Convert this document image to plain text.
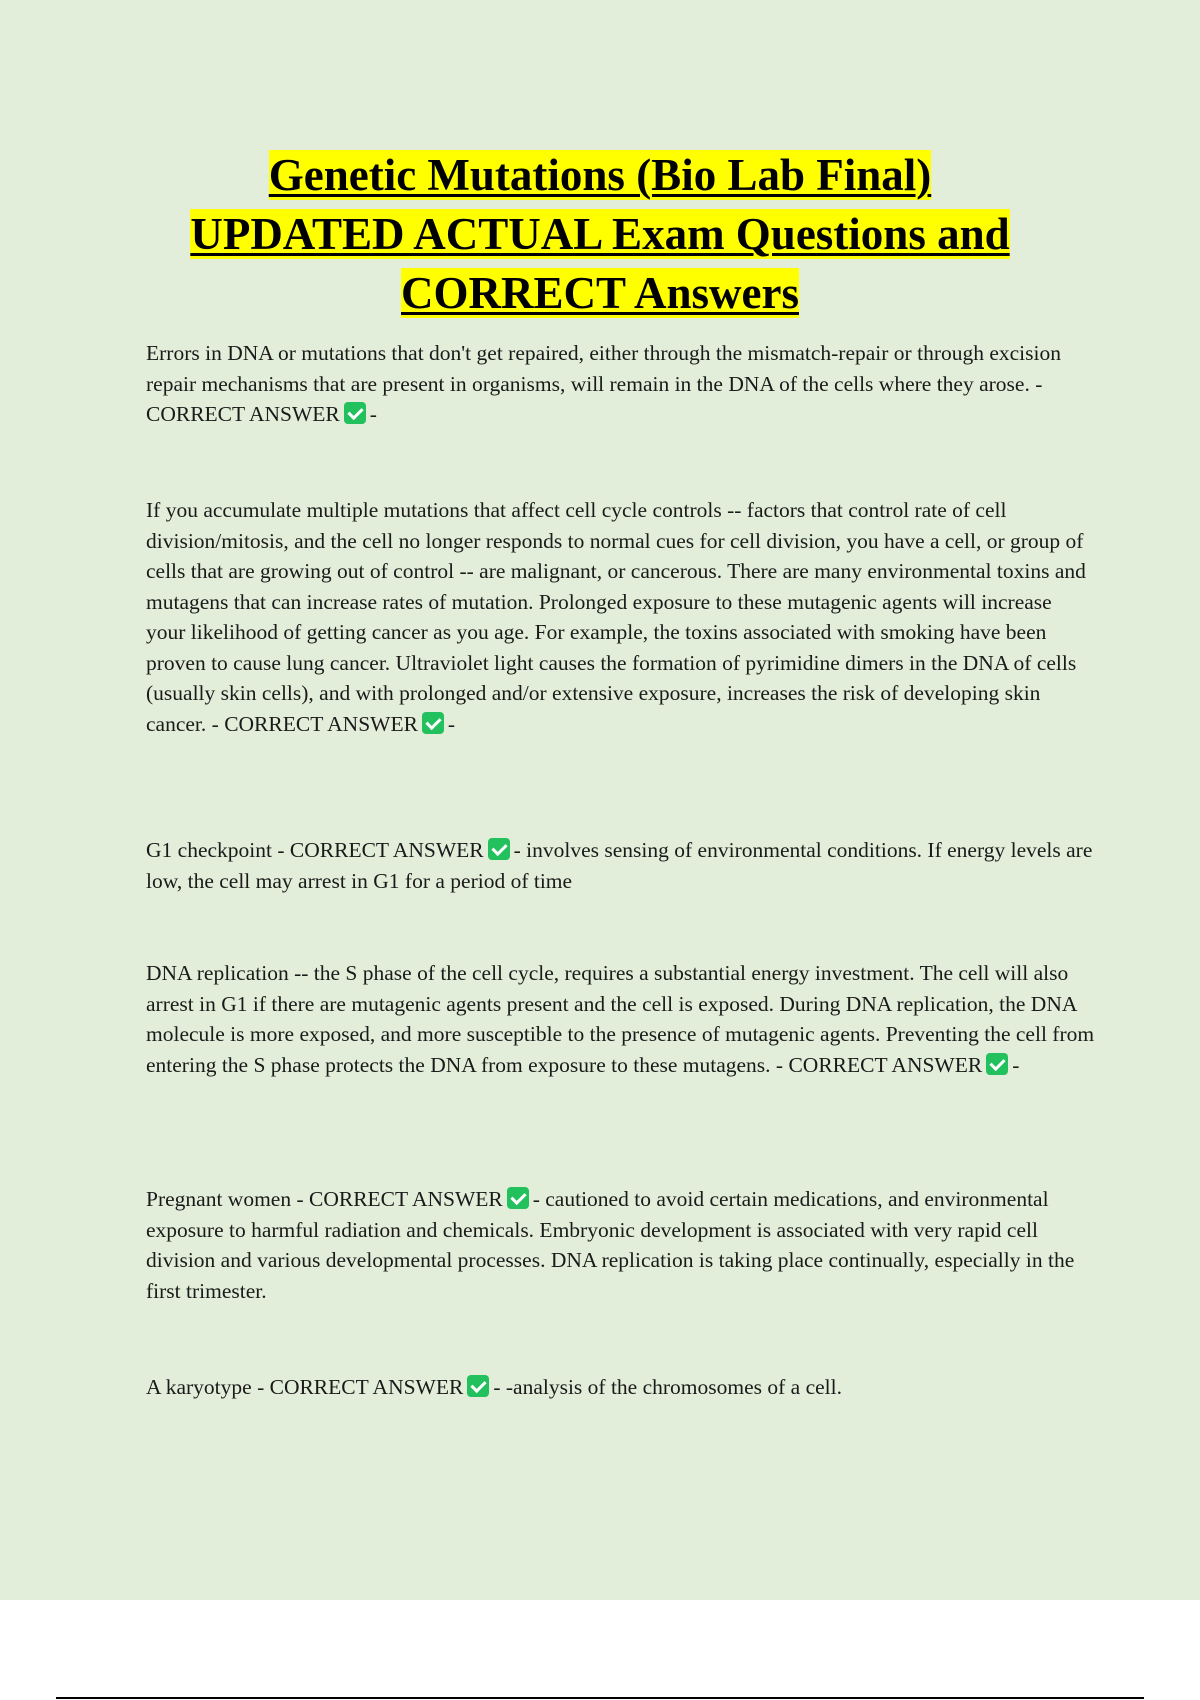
Genetic Mutations (Bio Lab Final)
UPDATED ACTUAL Exam Questions and
CORRECT Answers

Errors in DNA or mutations that don't get repaired, either through the mismatch-repair or through excision repair mechanisms that are present in organisms, will remain in the DNA of the cells where they arose. - CORRECT ANSWER -

If you accumulate multiple mutations that affect cell cycle controls -- factors that control rate of cell division/mitosis, and the cell no longer responds to normal cues for cell division, you have a cell, or group of cells that are growing out of control -- are malignant, or cancerous. There are many environmental toxins and mutagens that can increase rates of mutation. Prolonged exposure to these mutagenic agents will increase your likelihood of getting cancer as you age. For example, the toxins associated with smoking have been proven to cause lung cancer. Ultraviolet light causes the formation of pyrimidine dimers in the DNA of cells (usually skin cells), and with prolonged and/or extensive exposure, increases the risk of developing skin cancer. - CORRECT ANSWER -

G1 checkpoint - CORRECT ANSWER - involves sensing of environmental conditions. If energy levels are low, the cell may arrest in G1 for a period of time

DNA replication -- the S phase of the cell cycle, requires a substantial energy investment. The cell will also arrest in G1 if there are mutagenic agents present and the cell is exposed. During DNA replication, the DNA molecule is more exposed, and more susceptible to the presence of mutagenic agents. Preventing the cell from entering the S phase protects the DNA from exposure to these mutagens. - CORRECT ANSWER -

Pregnant women - CORRECT ANSWER - cautioned to avoid certain medications, and environmental exposure to harmful radiation and chemicals. Embryonic development is associated with very rapid cell division and various developmental processes. DNA replication is taking place continually, especially in the first trimester.

A karyotype - CORRECT ANSWER - -analysis of the chromosomes of a cell.
